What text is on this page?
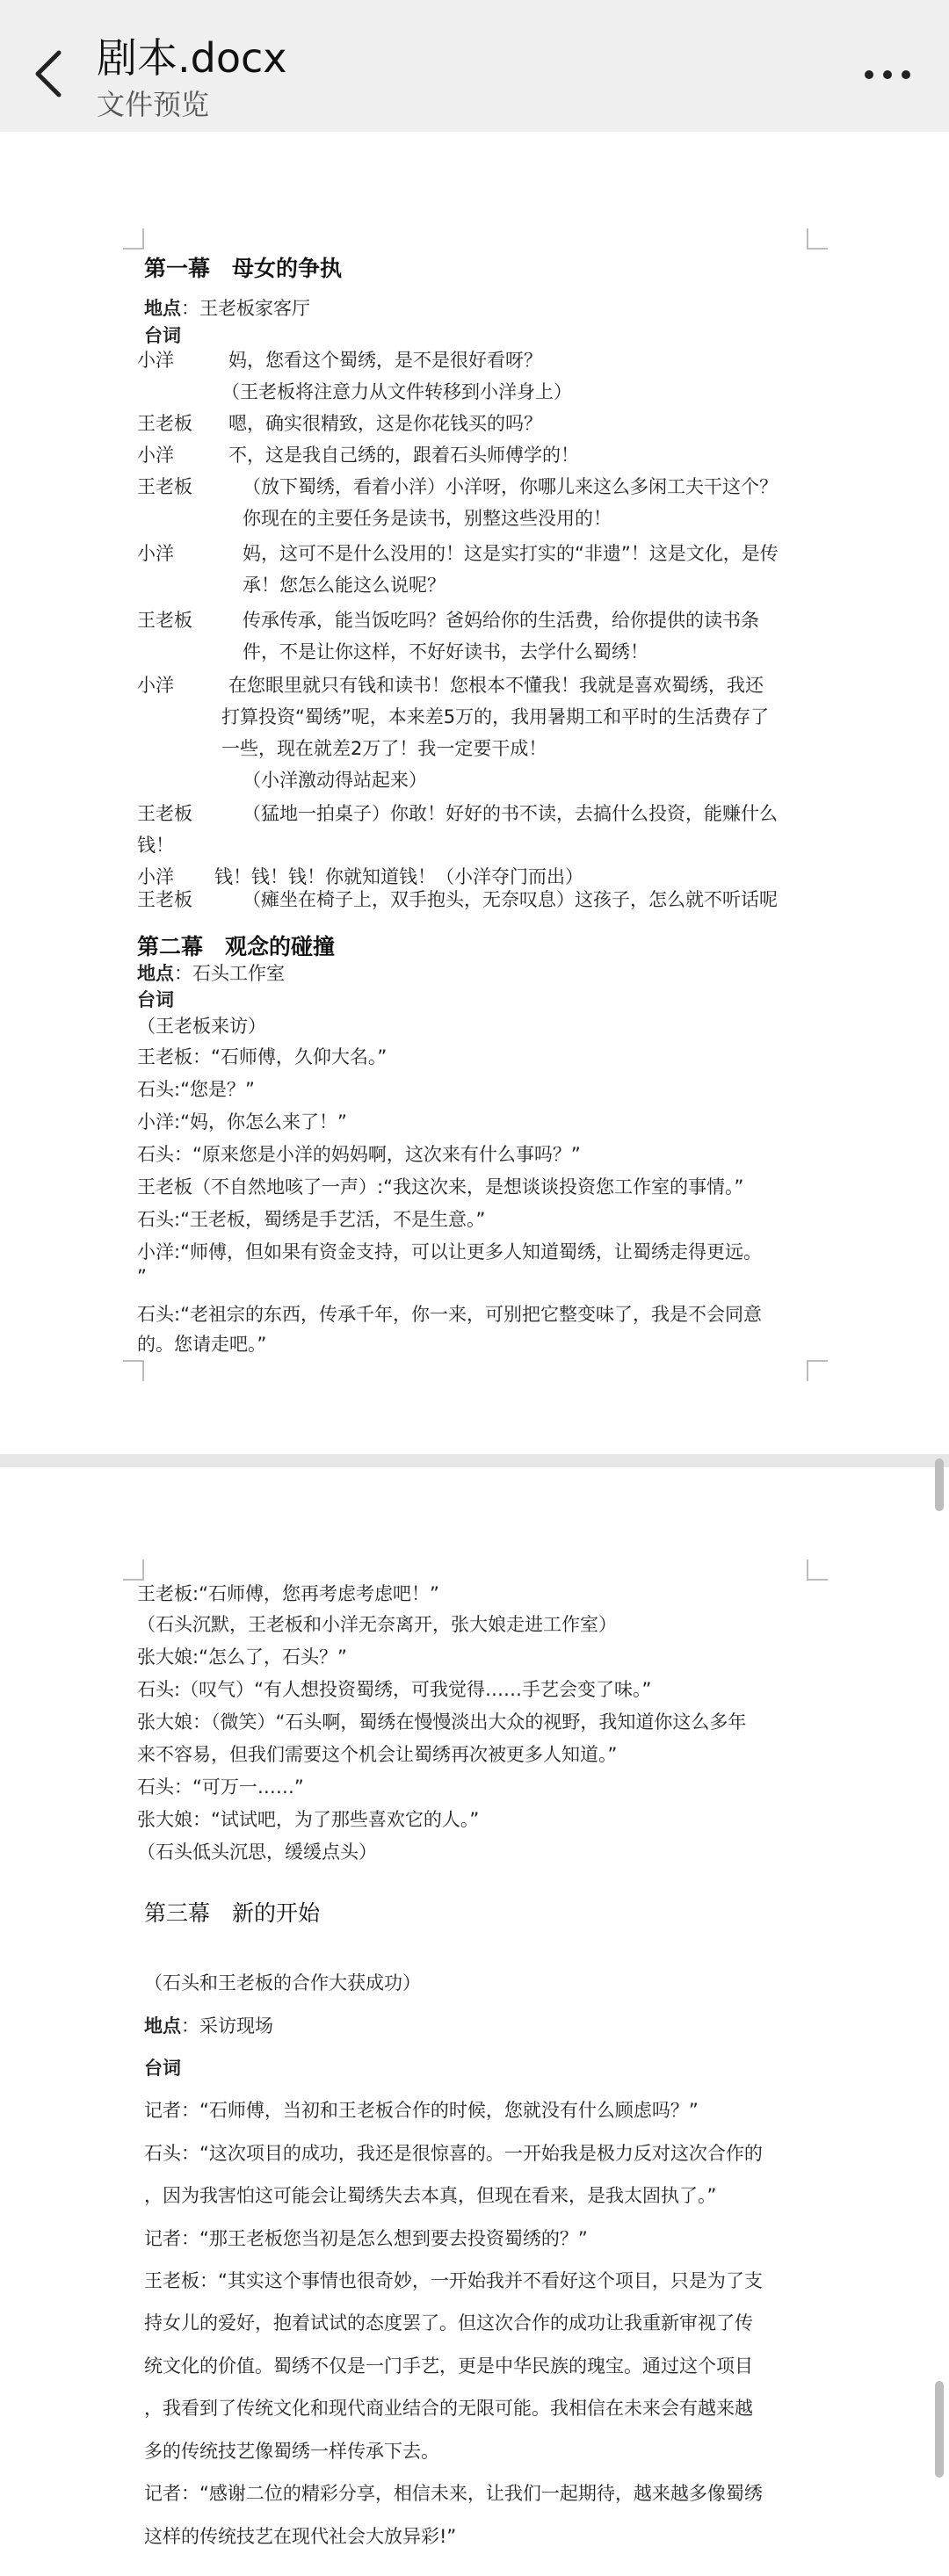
剧本.docx
文件预览
第一幕　母女的争执
地点：王老板家客厅
台词
小洋	妈，您看这个蜀绣，是不是很好看呀？
（王老板将注意力从文件转移到小洋身上）
王老板 嗯，确实很精致，这是你花钱买的吗？
小洋	不，这是我自己绣的，跟着石头师傅学的！
王老板	（放下蜀绣，看着小洋）小洋呀，你哪儿来这么多闲工夫干这个？
你现在的主要任务是读书，别整这些没用的！
小洋	妈，这可不是什么没用的！这是实打实的“非遗”！这是文化，是传
承！您怎么能这么说呢？
王老板	传承传承，能当饭吃吗？爸妈给你的生活费，给你提供的读书条
件，不是让你这样，不好好读书，去学什么蜀绣！
小洋	在您眼里就只有钱和读书！您根本不懂我！我就是喜欢蜀绣，我还
打算投资“蜀绣”呢，本来差5万的，我用暑期工和平时的生活费存了
一些，现在就差2万了！我一定要干成！
（小洋激动得站起来）
王老板	（猛地一拍桌子）你敢！好好的书不读，去搞什么投资，能赚什么
钱！
小洋 钱！钱！钱！你就知道钱！（小洋夺门而出）
王老板	（瘫坐在椅子上，双手抱头，无奈叹息）这孩子，怎么就不听话呢
第二幕　观念的碰撞
地点：石头工作室
台词
（王老板来访）
王老板：“石师傅，久仰大名。”
石头:“您是？”
小洋:“妈，你怎么来了！”
石头：“原来您是小洋的妈妈啊，这次来有什么事吗？”
王老板（不自然地咳了一声）:“我这次来，是想谈谈投资您工作室的事情。”
石头:“王老板，蜀绣是手艺活，不是生意。”
小洋:“师傅，但如果有资金支持，可以让更多人知道蜀绣，让蜀绣走得更远。
”
石头:“老祖宗的东西，传承千年，你一来，可别把它整变味了，我是不会同意
的。您请走吧。”
王老板:“石师傅，您再考虑考虑吧！”
（石头沉默，王老板和小洋无奈离开，张大娘走进工作室）
张大娘:“怎么了，石头？”
石头:（叹气）“有人想投资蜀绣，可我觉得……手艺会变了味。”
张大娘：（微笑）“石头啊，蜀绣在慢慢淡出大众的视野，我知道你这么多年
来不容易，但我们需要这个机会让蜀绣再次被更多人知道。”
石头：“可万一……”
张大娘：“试试吧，为了那些喜欢它的人。”
（石头低头沉思，缓缓点头）
第三幕　新的开始
（石头和王老板的合作大获成功）
地点：采访现场
台词
记者：“石师傅，当初和王老板合作的时候，您就没有什么顾虑吗？”
石头：“这次项目的成功，我还是很惊喜的。一开始我是极力反对这次合作的
，因为我害怕这可能会让蜀绣失去本真，但现在看来，是我太固执了。”
记者：“那王老板您当初是怎么想到要去投资蜀绣的？”
王老板：“其实这个事情也很奇妙，一开始我并不看好这个项目，只是为了支
持女儿的爱好，抱着试试的态度罢了。但这次合作的成功让我重新审视了传
统文化的价值。蜀绣不仅是一门手艺，更是中华民族的瑰宝。通过这个项目
，我看到了传统文化和现代商业结合的无限可能。我相信在未来会有越来越
多的传统技艺像蜀绣一样传承下去。
记者：“感谢二位的精彩分享，相信未来，让我们一起期待，越来越多像蜀绣
这样的传统技艺在现代社会大放异彩!”
